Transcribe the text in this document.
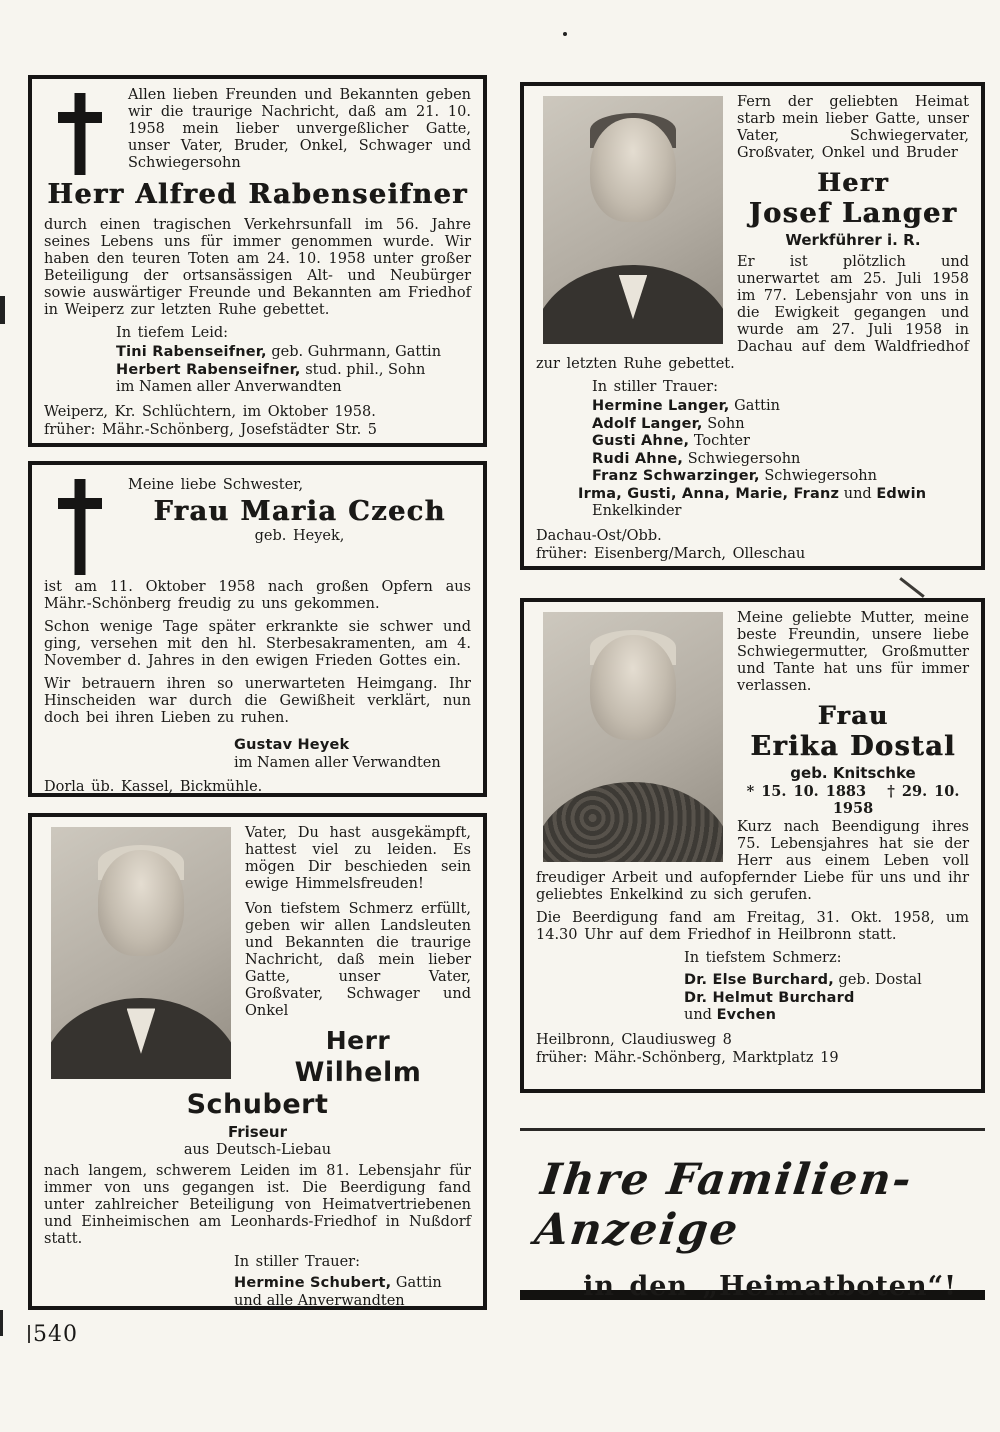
Allen lieben Freunden und Bekannten geben wir die traurige Nachricht, daß am 21. 10. 1958 mein lieber unvergeßlicher Gatte, unser Vater, Bruder, Onkel, Schwager und Schwiegersohn

Herr Alfred Rabenseifner

durch einen tragischen Verkehrsunfall im 56. Jahre seines Lebens uns für immer genommen wurde. Wir haben den teuren Toten am 24. 10. 1958 unter großer Beteiligung der ortsansässigen Alt- und Neubürger sowie auswärtiger Freunde und Bekannten am Friedhof in Weiperz zur letzten Ruhe gebettet.

In tiefem Leid:

Tini Rabenseifner, geb. Guhrmann, Gattin

Herbert Rabenseifner, stud. phil., Sohn

im Namen aller Anverwandten

Weiperz, Kr. Schlüchtern, im Oktober 1958.

früher: Mähr.-Schönberg, Josefstädter Str. 5

Meine liebe Schwester,

Frau Maria Czech

geb. Heyek,

ist am 11. Oktober 1958 nach großen Opfern aus Mähr.-Schönberg freudig zu uns gekommen.

Schon wenige Tage später erkrankte sie schwer und ging, versehen mit den hl. Sterbesakramenten, am 4. November d. Jahres in den ewigen Frieden Gottes ein.

Wir betrauern ihren so unerwarteten Heimgang. Ihr Hinscheiden war durch die Gewißheit verklärt, nun doch bei ihren Lieben zu ruhen.

Gustav Heyek

im Namen aller Verwandten

Dorla üb. Kassel, Bickmühle.

Vater, Du hast ausgekämpft, hattest viel zu leiden. Es mögen Dir beschieden sein ewige Himmelsfreuden!

Von tiefstem Schmerz erfüllt, geben wir allen Landsleuten und Bekannten die traurige Nachricht, daß mein lieber Gatte, unser Vater, Großvater, Schwager und Onkel

Herr
Wilhelm Schubert

Friseur

aus Deutsch-Liebau

nach langem, schwerem Leiden im 81. Lebensjahr für immer von uns gegangen ist. Die Beerdigung fand unter zahlreicher Beteiligung von Heimatvertriebenen und Einheimischen am Leonhards-Friedhof in Nußdorf statt.

In stiller Trauer:

Hermine Schubert, Gattin

und alle Anverwandten

Fern der geliebten Heimat starb mein lieber Gatte, unser Vater, Schwiegervater, Großvater, Onkel und Bruder

Herr
Josef Langer

Werkführer i. R.

Er ist plötzlich und unerwartet am 25. Juli 1958 im 77. Lebensjahr von uns in die Ewigkeit gegangen und wurde am 27. Juli 1958 in Dachau auf dem Waldfriedhof zur letzten Ruhe gebettet.

In stiller Trauer:

Hermine Langer, Gattin

Adolf Langer, Sohn

Gusti Ahne, Tochter

Rudi Ahne, Schwiegersohn

Franz Schwarzinger, Schwiegersohn

Irma, Gusti, Anna, Marie, Franz und Edwin

Enkelkinder

Dachau-Ost/Obb.

früher: Eisenberg/March, Olleschau

Meine geliebte Mutter, meine beste Freundin, unsere liebe Schwiegermutter, Großmutter und Tante hat uns für immer verlassen.

Frau
Erika Dostal

geb. Knitschke

* 15. 10. 1883 † 29. 10. 1958

Kurz nach Beendigung ihres 75. Lebensjahres hat sie der Herr aus einem Leben voll freudiger Arbeit und aufopfernder Liebe für uns und ihr geliebtes Enkelkind zu sich gerufen.

Die Beerdigung fand am Freitag, 31. Okt. 1958, um 14.30 Uhr auf dem Friedhof in Heilbronn statt.

In tiefstem Schmerz:

Dr. Else Burchard, geb. Dostal

Dr. Helmut Burchard

und Evchen

Heilbronn, Claudiusweg 8

früher: Mähr.-Schönberg, Marktplatz 19

Ihre Familien-Anzeige
in den „Heimatboten“!
540
